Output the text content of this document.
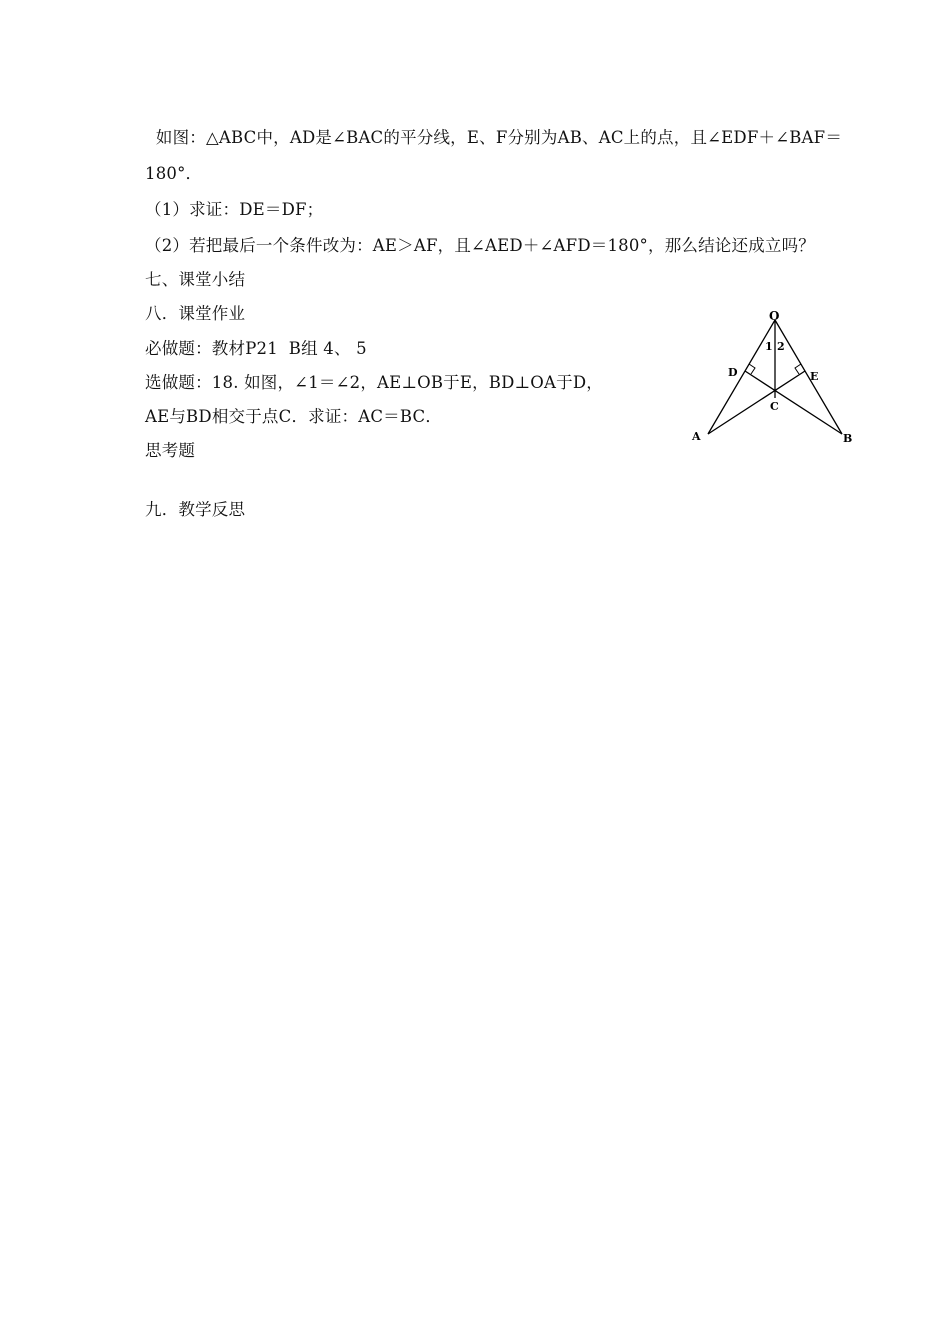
如图：△ABC中，AD是∠BAC的平分线，E、F分别为AB、AC上的点，且∠EDF＋∠BAF＝
180°．
（1）求证：DE＝DF；
（2）若把最后一个条件改为：AE＞AF，且∠AED＋∠AFD＝180°，那么结论还成立吗？
七、课堂小结
八．课堂作业
必做题：教材P21  B组 4、 5
选做题：18. 如图，∠1＝∠2，AE⊥OB于E，BD⊥OA于D，
AE与BD相交于点C．求证：AC＝BC．
思考题
九．教学反思
O
A	B
C
D	E
1 2
